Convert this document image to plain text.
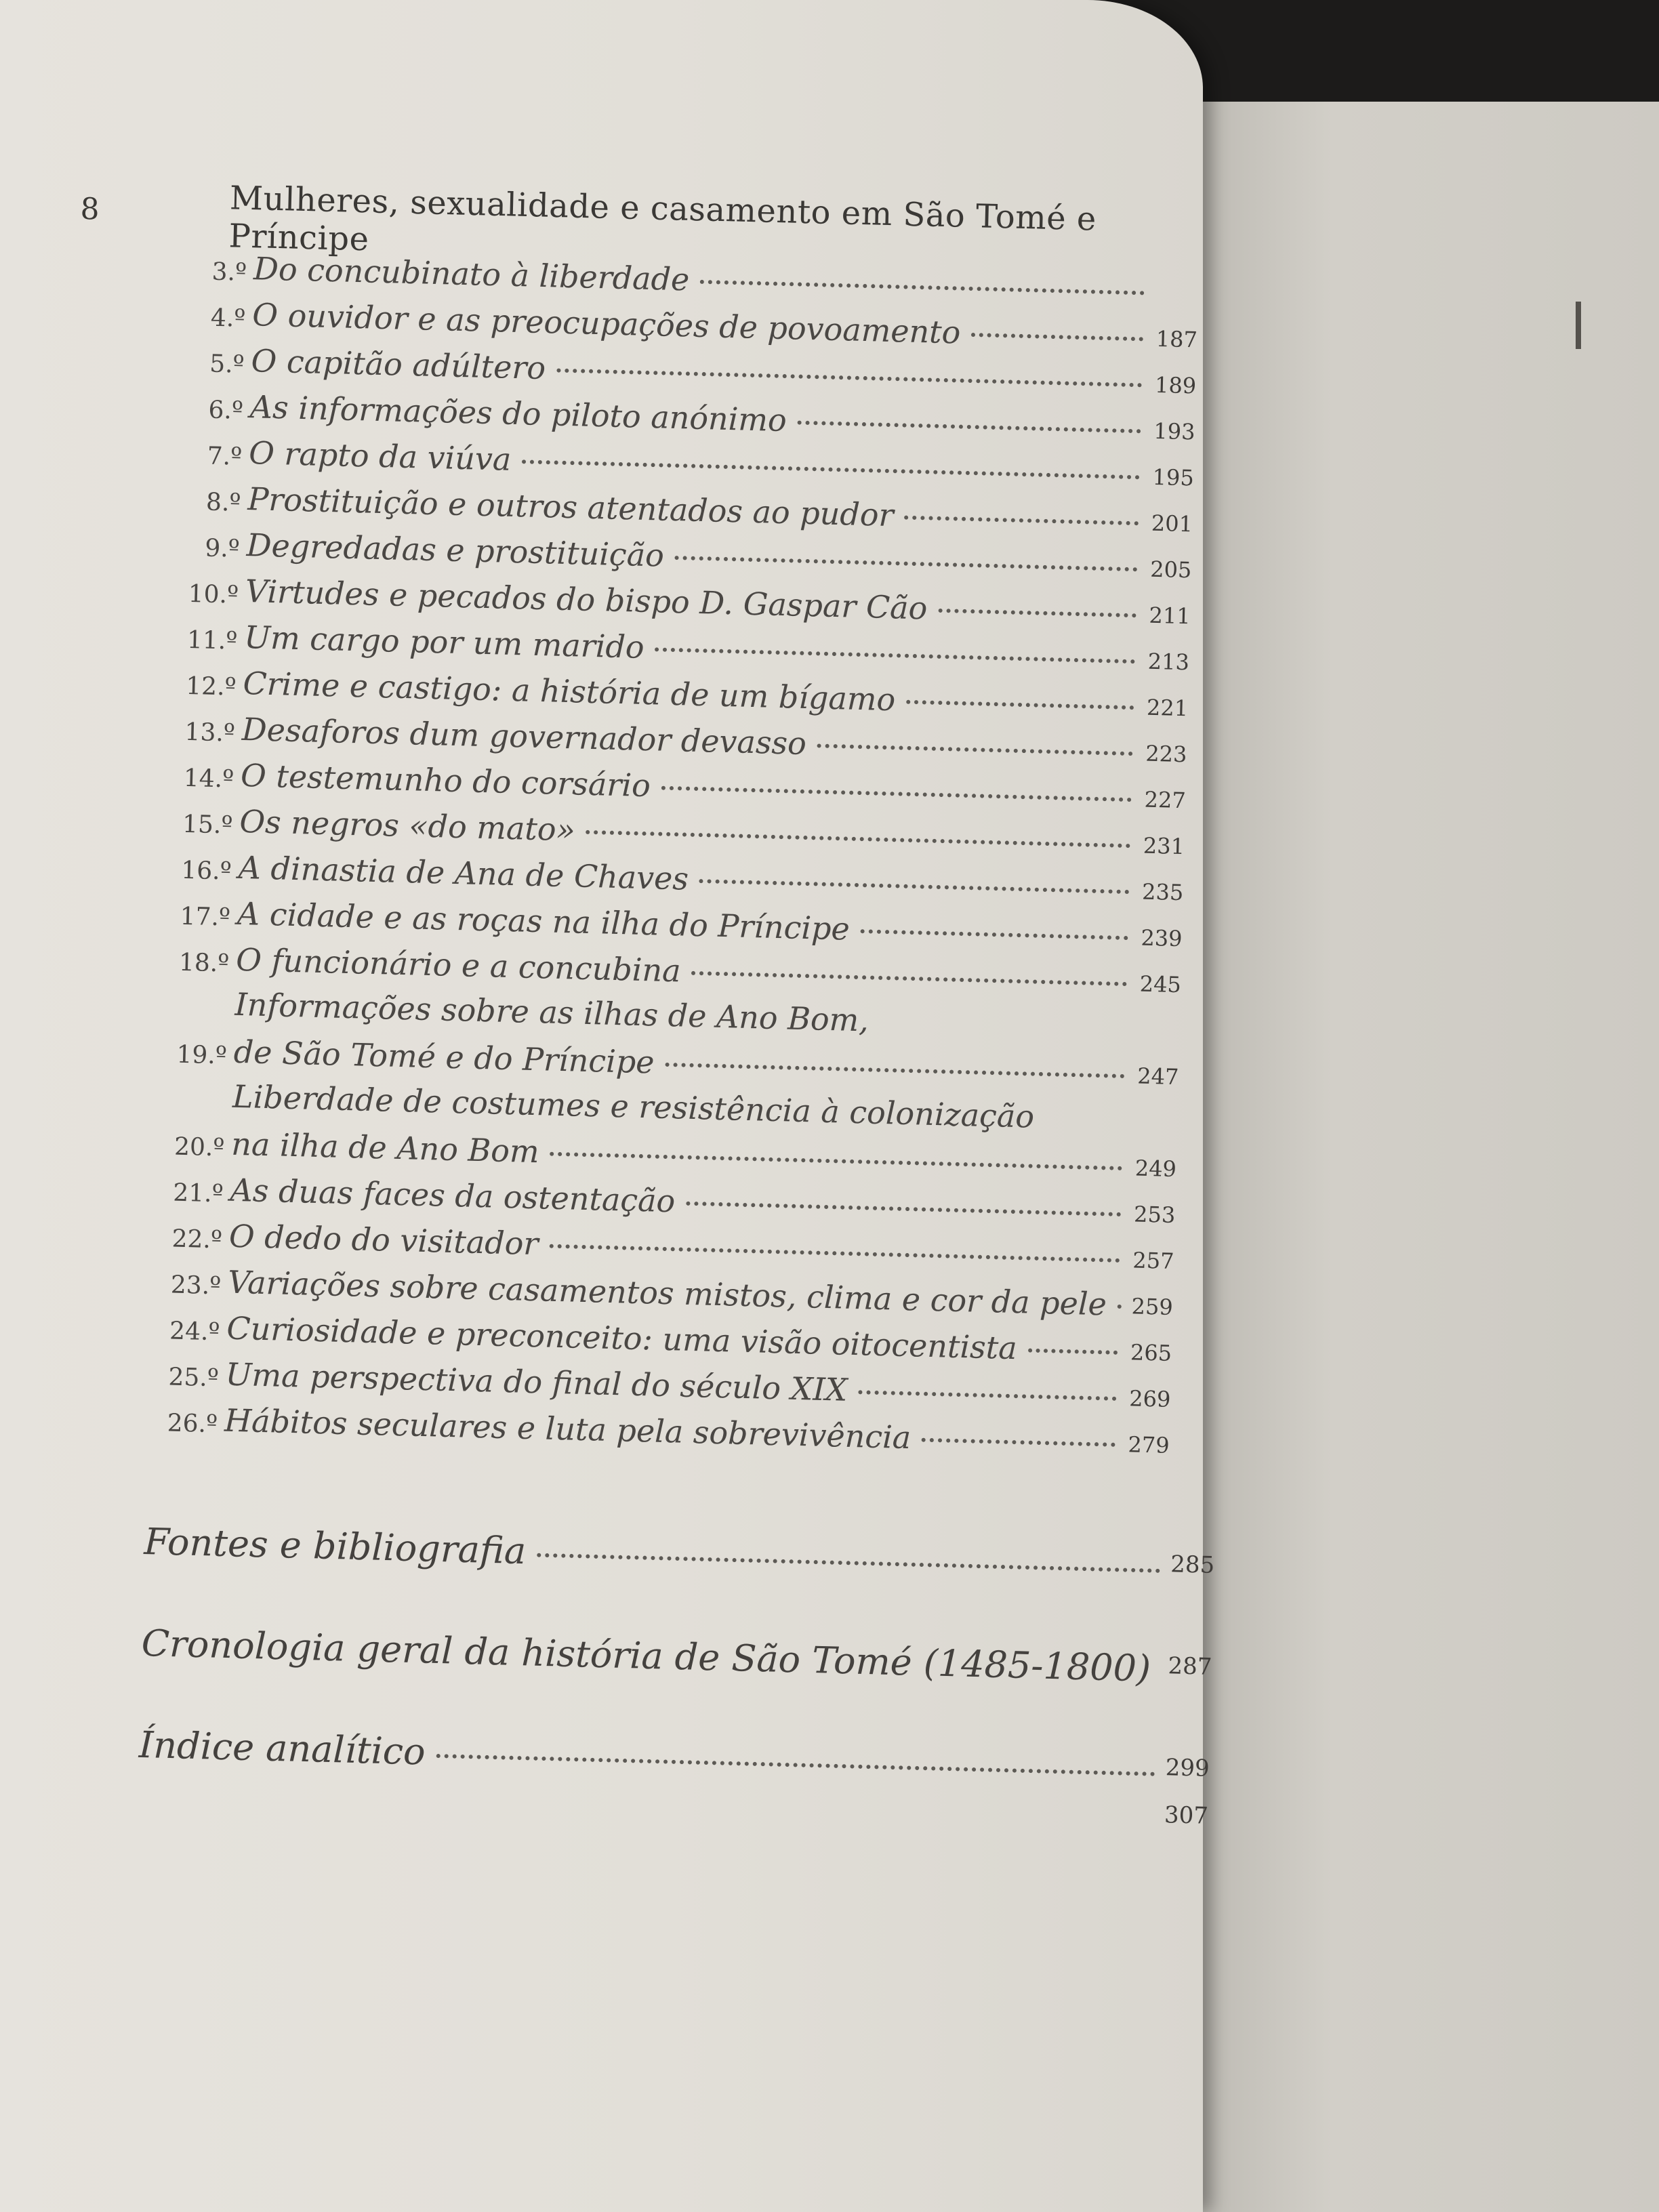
8	Mulheres, sexualidade e casamento em São Tomé e Príncipe
3.º Do concubinato à liberdade
4.º O ouvidor e as preocupações de povoamento	187
5.º O capitão adúltero	189
6.º As informações do piloto anónimo	193
7.º O rapto da viúva	195
8.º Prostituição e outros atentados ao pudor	201
9.º Degredadas e prostituição	205
10.º Virtudes e pecados do bispo D. Gaspar Cão	211
11.º Um cargo por um marido	213
12.º Crime e castigo: a história de um bígamo	221
13.º Desaforos dum governador devasso	223
14.º O testemunho do corsário	227
15.º Os negros «do mato»	231
16.º A dinastia de Ana de Chaves	235
17.º A cidade e as roças na ilha do Príncipe	239
18.º O funcionário e a concubina	245
19.º
Informações sobre as ilhas de Ano Bom,
de São Tomé e do Príncipe	247
20.º
Liberdade de costumes e resistência à colonização
na ilha de Ano Bom	249
21.º As duas faces da ostentação	253
22.º O dedo do visitador	257
23.º Variações sobre casamentos mistos, clima e cor da pele 259
24.º Curiosidade e preconceito: uma visão oitocentista	265
25.º Uma perspectiva do final do século XIX	269
26.º Hábitos seculares e luta pela sobrevivência	279
Fontes e bibliografia	285
Cronologia geral da história de São Tomé (1485-1800) 287
Índice analítico	299
307
